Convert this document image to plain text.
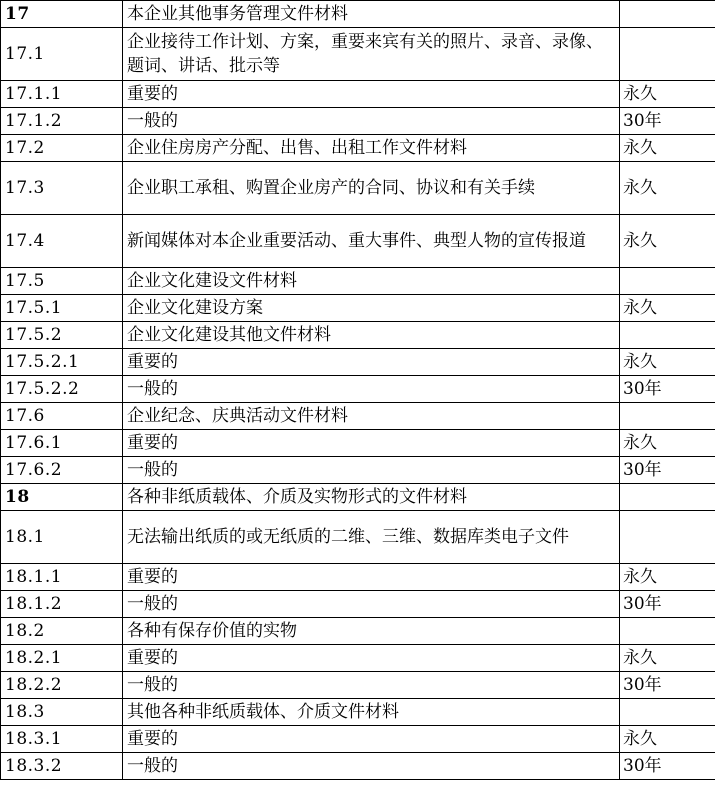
17	本企业其他事务管理文件材料	
17.1	企业接待工作计划、方案，重要来宾有关的照片、录音、录像、题词、讲话、批示等	
17.1.1	重要的	永久
17.1.2	一般的	30年
17.2	企业住房房产分配、出售、出租工作文件材料	永久
17.3	企业职工承租、购置企业房产的合同、协议和有关手续	永久
17.4	新闻媒体对本企业重要活动、重大事件、典型人物的宣传报道	永久
17.5	企业文化建设文件材料	
17.5.1	企业文化建设方案	永久
17.5.2	企业文化建设其他文件材料	
17.5.2.1	重要的	永久
17.5.2.2	一般的	30年
17.6	企业纪念、庆典活动文件材料	
17.6.1	重要的	永久
17.6.2	一般的	30年
18	各种非纸质载体、介质及实物形式的文件材料	
18.1	无法输出纸质的或无纸质的二维、三维、数据库类电子文件	
18.1.1	重要的	永久
18.1.2	一般的	30年
18.2	各种有保存价值的实物	
18.2.1	重要的	永久
18.2.2	一般的	30年
18.3	其他各种非纸质载体、介质文件材料	
18.3.1	重要的	永久
18.3.2	一般的	30年
